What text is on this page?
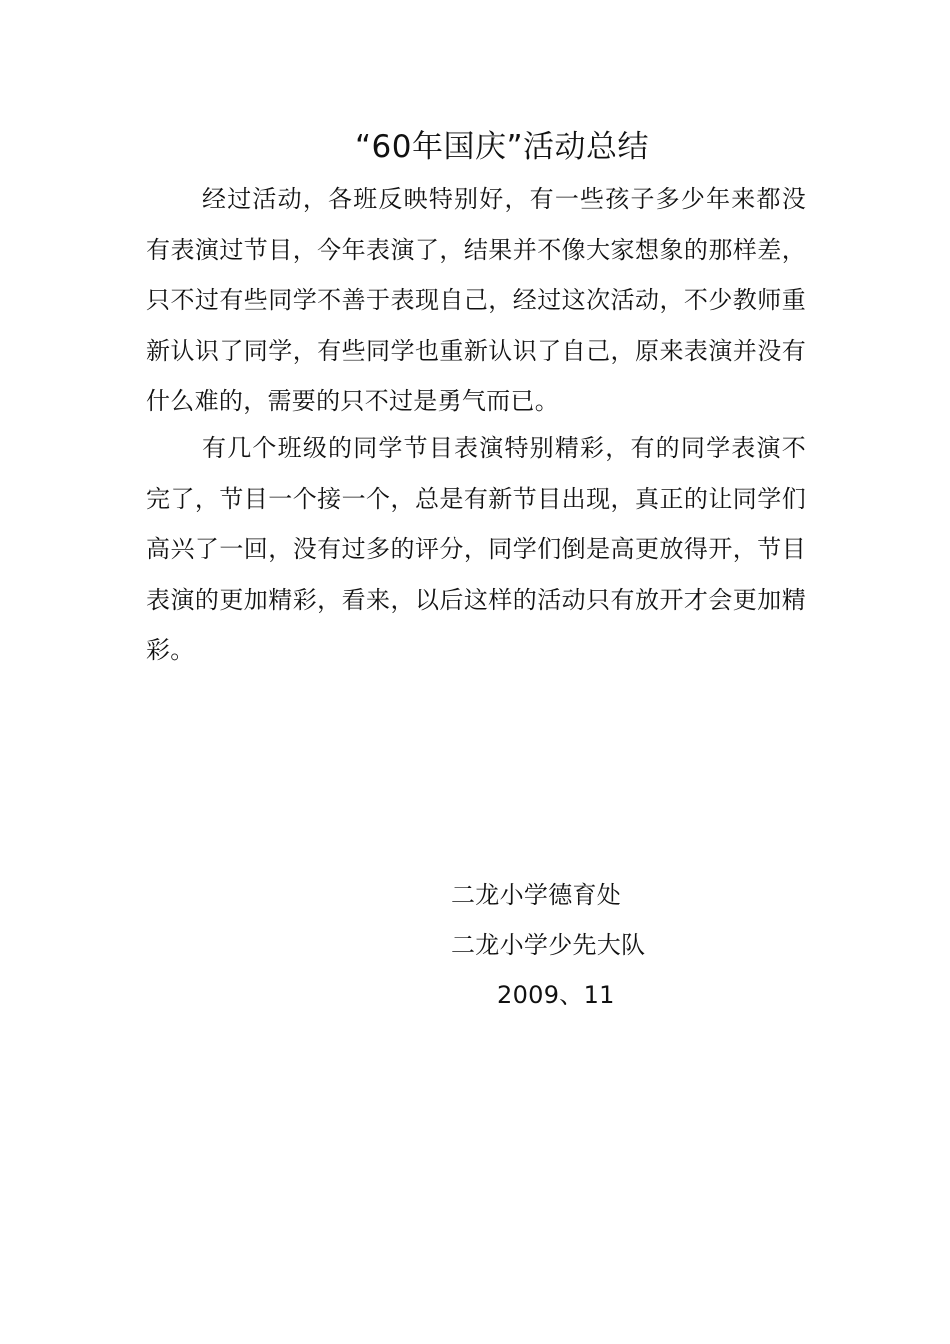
“60年国庆”活动总结

经过活动，各班反映特别好，有一些孩子多少年来都没有表演过节目，今年表演了，结果并不像大家想象的那样差，只不过有些同学不善于表现自己，经过这次活动，不少教师重新认识了同学，有些同学也重新认识了自己，原来表演并没有什么难的，需要的只不过是勇气而已。

有几个班级的同学节目表演特别精彩，有的同学表演不完了，节目一个接一个，总是有新节目出现，真正的让同学们高兴了一回，没有过多的评分，同学们倒是高更放得开，节目表演的更加精彩，看来，以后这样的活动只有放开才会更加精彩。

二龙小学德育处
二龙小学少先大队
2009、11
